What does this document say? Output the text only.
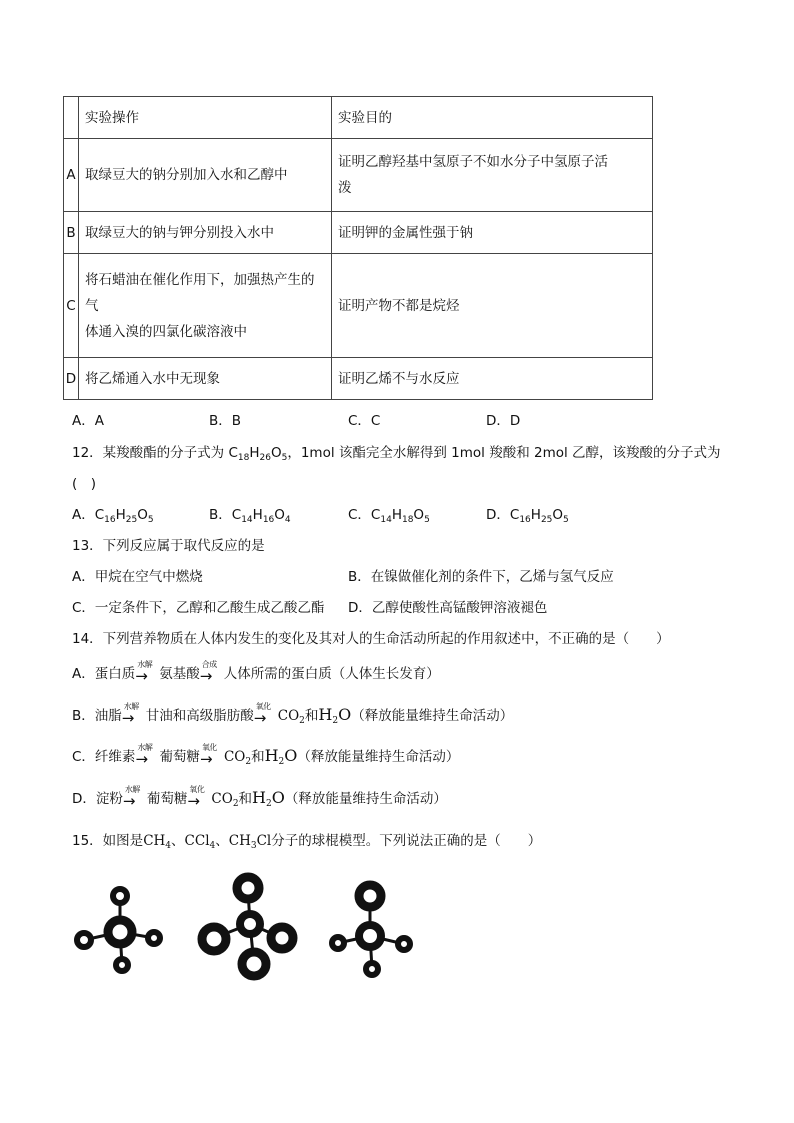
	实验操作	实验目的
A	取绿豆大的钠分别加入水和乙醇中	证明乙醇羟基中氢原子不如水分子中氢原子活
泼

B	取绿豆大的钠与钾分别投入水中	证明钾的金属性强于钠
C	将石蜡油在催化作用下，加强热产生的
气
体通入溴的四氯化碳溶液中	证明产物不都是烷烃
D	将乙烯通入水中无现象	证明乙烯不与水反应
A．A	B．B	C．C	D．D
12．某羧酸酯的分子式为 $C_{18}H_{26}O_5$，1mol 该酯完全水解得到 1mol 羧酸和 2mol 乙醇，该羧酸的分子式为
(　)
A．$C_{16}H_{25}O_5$	B．$C_{14}H_{16}O_4$	C．$C_{14}H_{18}O_5$	D．$C_{16}H_{25}O_5$
13．下列反应属于取代反应的是
A．甲烷在空气中燃烧	B．在镍做催化剂的条件下，乙烯与氢气反应
C．一定条件下，乙醇和乙酸生成乙酸乙酯 D．乙醇使酸性高锰酸钾溶液褪色
14．下列营养物质在人体内发生的变化及其对人的生命活动所起的作用叙述中，不正确的是（　　）
A．蛋白质
水解
→ 氨基酸
合成
→ 人体所需的蛋白质（人体生长发育）
B．油脂
水解
→ 甘油和高级脂肪酸
氧化
→ $CO_2$和$H_2O$（释放能量维持生命活动）
C．纤维素
水解
→ 葡萄糖
氧化
→ $CO_2$和$H_2O$（释放能量维持生命活动）
D．淀粉
水解
→ 葡萄糖
氧化
→ $CO_2$和$H_2O$（释放能量维持生命活动）
15．如图是$CH_4$、CCl$_4$、$CH_3Cl$分子的球棍模型。下列说法正确的是（　　）
